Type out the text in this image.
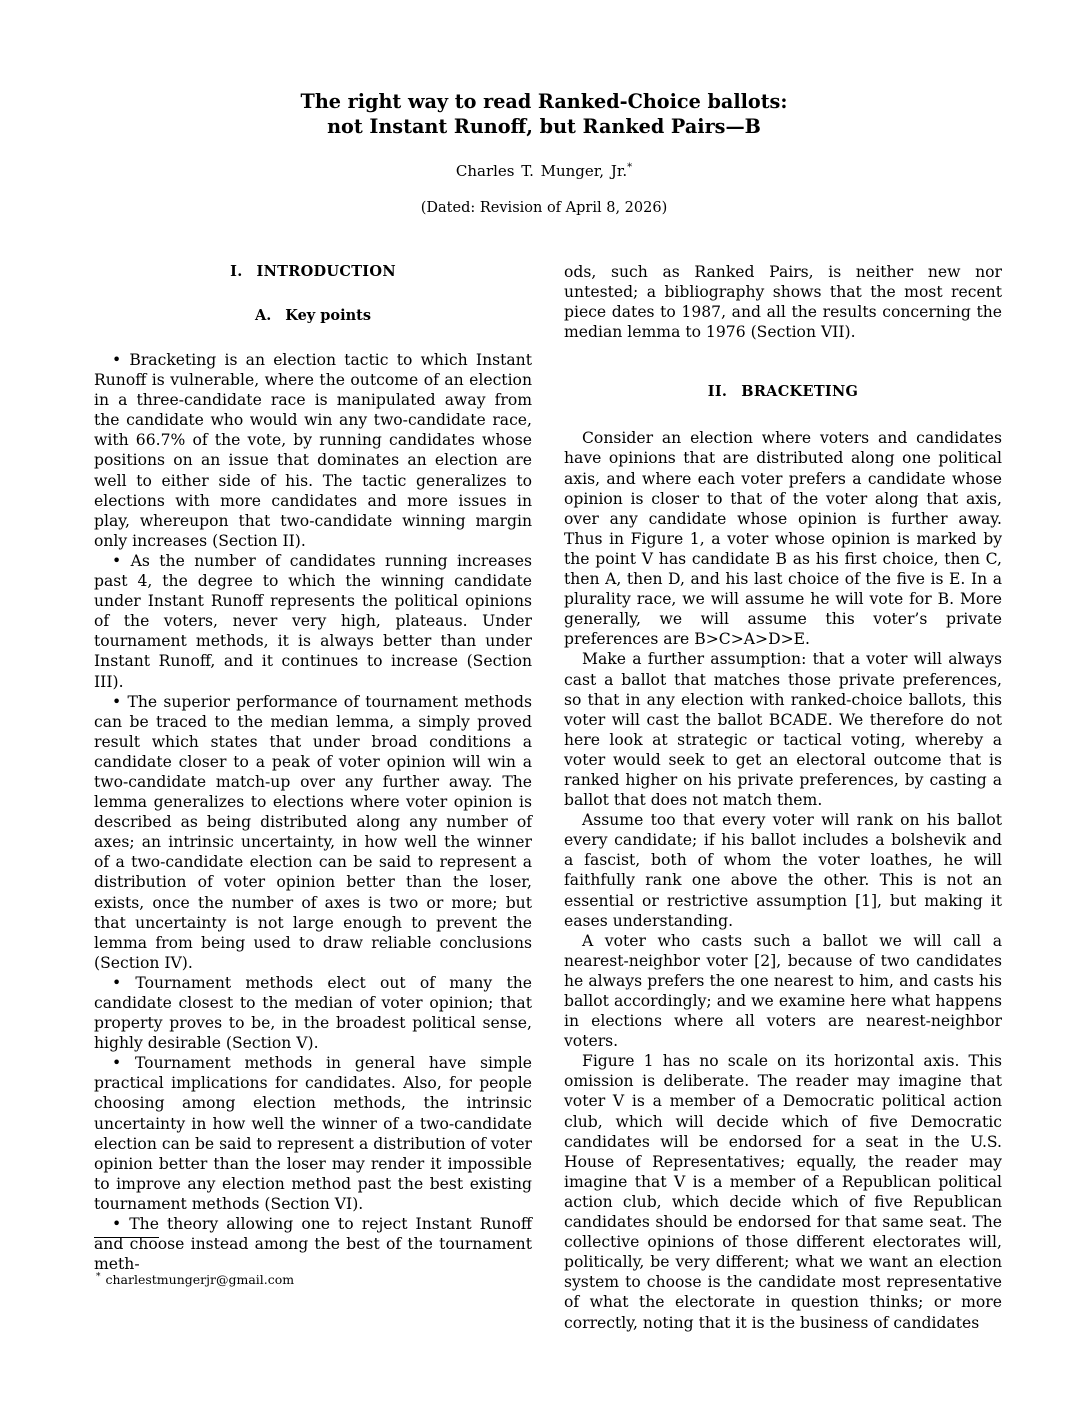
The right way to read Ranked-Choice ballots:
not Instant Runoff, but Ranked Pairs—B
Charles T. Munger, Jr.*
(Dated: Revision of April 8, 2026)
I. INTRODUCTION
A. Key points

• Bracketing is an election tactic to which Instant Runoff is vulnerable, where the outcome of an election in a three-candidate race is manipulated away from the candidate who would win any two-candidate race, with 66.7% of the vote, by running candidates whose positions on an issue that dominates an election are well to either side of his. The tactic generalizes to elections with more candidates and more issues in play, whereupon that two-candidate winning margin only increases (Section II).

• As the number of candidates running increases past 4, the degree to which the winning candidate under Instant Runoff represents the political opinions of the voters, never very high, plateaus. Under tournament methods, it is always better than under Instant Runoff, and it continues to increase (Section III).

• The superior performance of tournament methods can be traced to the median lemma, a simply proved result which states that under broad conditions a candidate closer to a peak of voter opinion will win a two-candidate match-up over any further away. The lemma generalizes to elections where voter opinion is described as being distributed along any number of axes; an intrinsic uncertainty, in how well the winner of a two-candidate election can be said to represent a distribution of voter opinion better than the loser, exists, once the number of axes is two or more; but that uncertainty is not large enough to prevent the lemma from being used to draw reliable conclusions (Section IV).

• Tournament methods elect out of many the candidate closest to the median of voter opinion; that property proves to be, in the broadest political sense, highly desirable (Section V).

• Tournament methods in general have simple practical implications for candidates. Also, for people choosing among election methods, the intrinsic uncertainty in how well the winner of a two-candidate election can be said to represent a distribution of voter opinion better than the loser may render it impossible to improve any election method past the best existing tournament methods (Section VI).

• The theory allowing one to reject Instant Runoff and choose instead among the best of the tournament meth-

ods, such as Ranked Pairs, is neither new nor untested; a bibliography shows that the most recent piece dates to 1987, and all the results concerning the median lemma to 1976 (Section VII).

II. BRACKETING

Consider an election where voters and candidates have opinions that are distributed along one political axis, and where each voter prefers a candidate whose opinion is closer to that of the voter along that axis, over any candidate whose opinion is further away. Thus in Figure 1, a voter whose opinion is marked by the point V has candidate B as his first choice, then C, then A, then D, and his last choice of the five is E. In a plurality race, we will assume he will vote for B. More generally, we will assume this voter’s private preferences are B>C>A>D>E.

Make a further assumption: that a voter will always cast a ballot that matches those private preferences, so that in any election with ranked-choice ballots, this voter will cast the ballot BCADE. We therefore do not here look at strategic or tactical voting, whereby a voter would seek to get an electoral outcome that is ranked higher on his private preferences, by casting a ballot that does not match them.

Assume too that every voter will rank on his ballot every candidate; if his ballot includes a bolshevik and a fascist, both of whom the voter loathes, he will faithfully rank one above the other. This is not an essential or restrictive assumption [1], but making it eases understanding.

A voter who casts such a ballot we will call a nearest-neighbor voter [2], because of two candidates he always prefers the one nearest to him, and casts his ballot accordingly; and we examine here what happens in elections where all voters are nearest-neighbor voters.

Figure 1 has no scale on its horizontal axis. This omission is deliberate. The reader may imagine that voter V is a member of a Democratic political action club, which will decide which of five Democratic candidates will be endorsed for a seat in the U.S. House of Representatives; equally, the reader may imagine that V is a member of a Republican political action club, which decide which of five Republican candidates should be endorsed for that same seat. The collective opinions of those different electorates will, politically, be very different; what we want an election system to choose is the candidate most representative of what the electorate in question thinks; or more correctly, noting that it is the business of candidates

* charlestmungerjr@gmail.com
